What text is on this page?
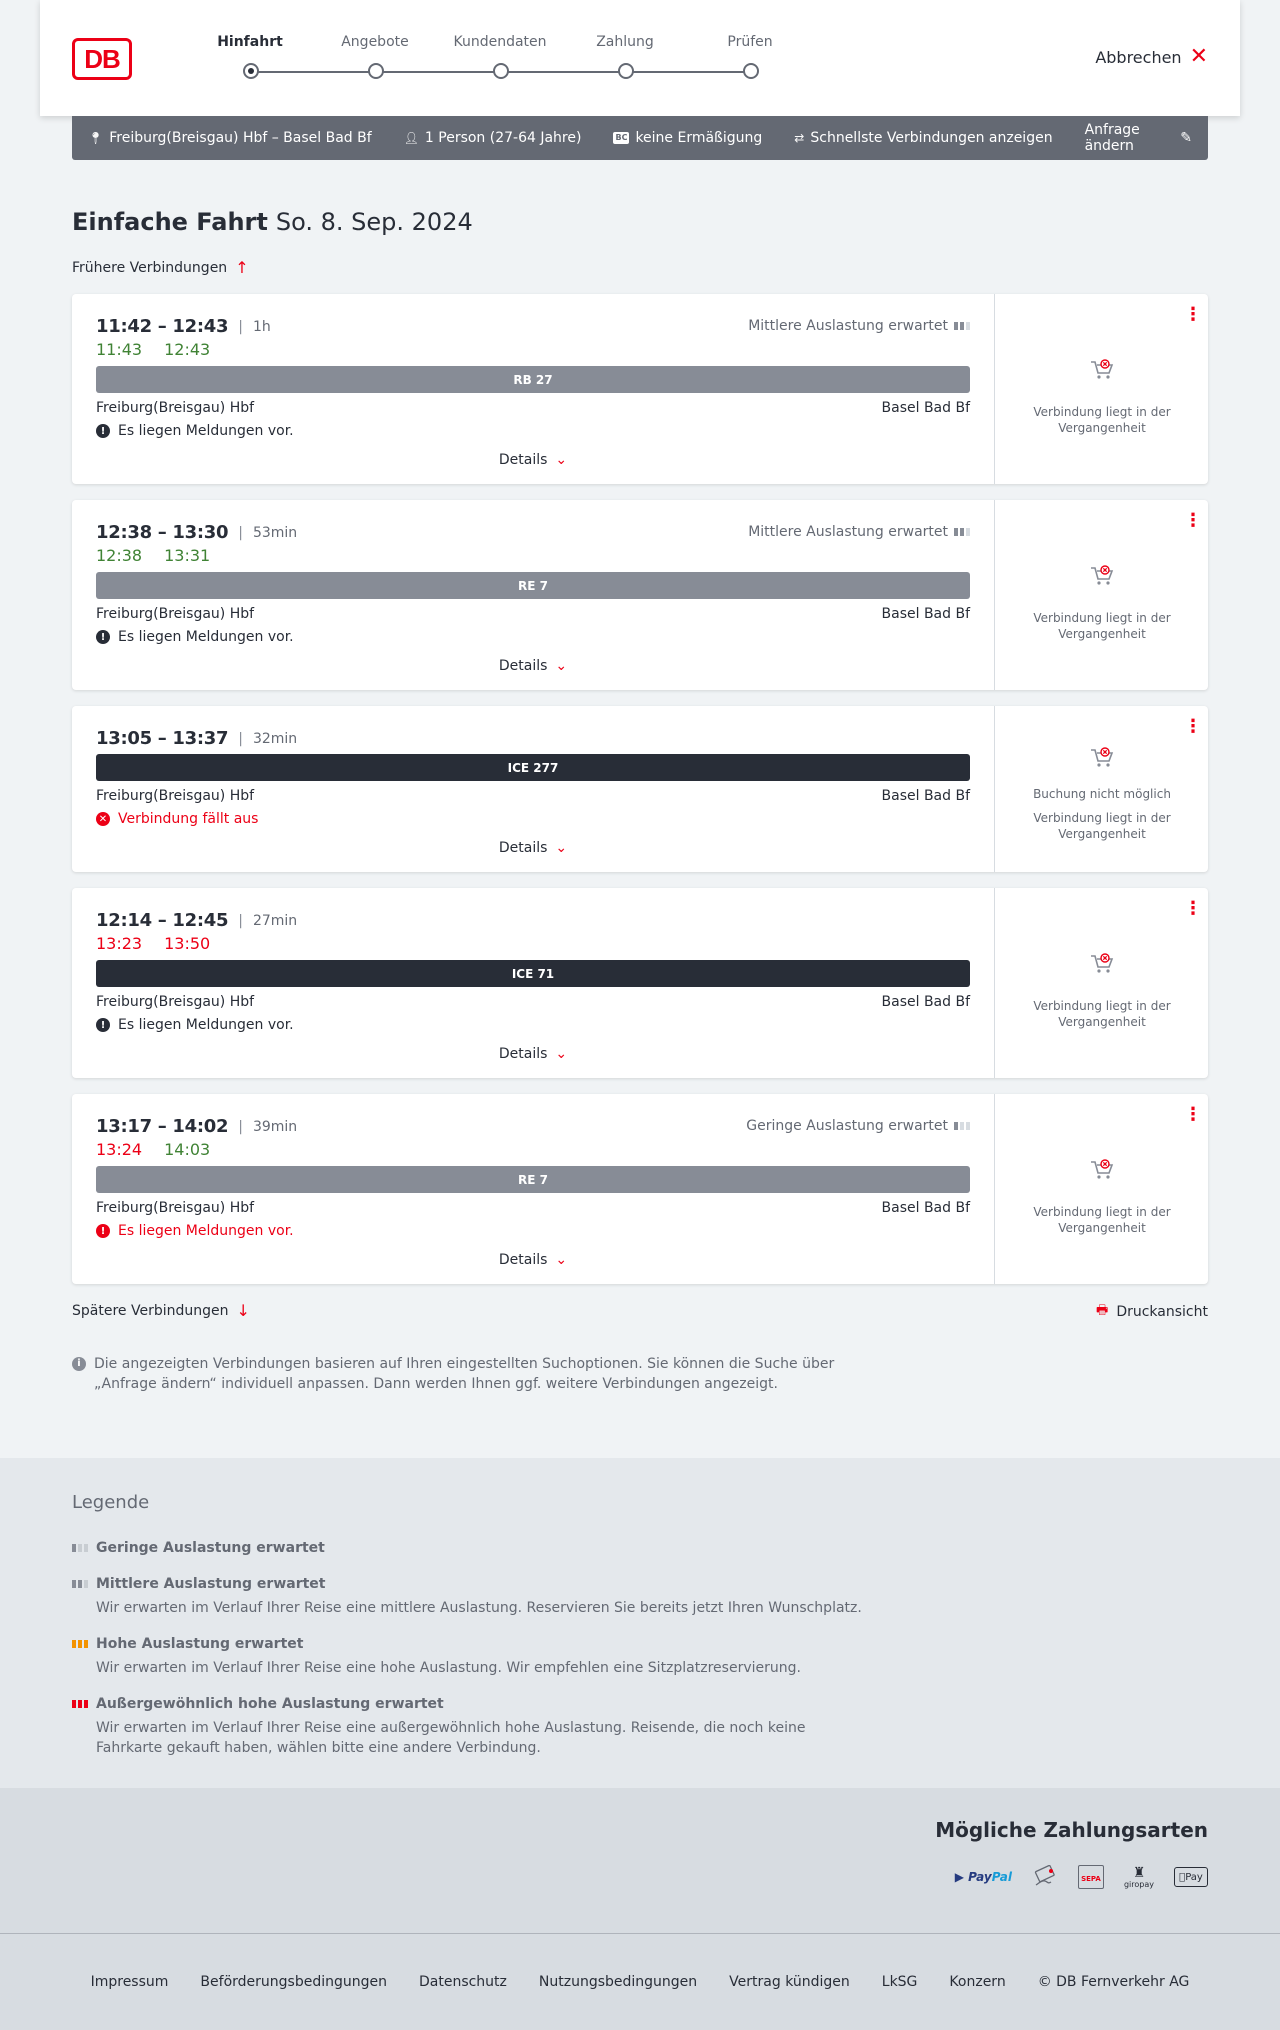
DB
Hinfahrt	Angebote	Kundendaten	Zahlung	Prüfen
Abbrechen ✕
📍︎ Freiburg(Breisgau) Hbf – Basel Bad Bf	👤︎ 1 Person (27-64 Jahre)	BC keine Ermäßigung	⇄ Schnellste Verbindungen anzeigen Anfrage ändern	✎
Einfache Fahrt So. 8. Sep. 2024
Frühere Verbindungen ↑
11:42 – 12:43 | 1h
11:43 12:43
Mittlere Auslastung erwartet
RB 27
Freiburg(Breisgau) Hbf	Basel Bad Bf
! Es liegen Meldungen vor.
Details ⌄
⋮
Verbindung liegt in der Vergangenheit
12:38 – 13:30 | 53min
12:38 13:31
Mittlere Auslastung erwartet
RE 7
Freiburg(Breisgau) Hbf	Basel Bad Bf
! Es liegen Meldungen vor.
Details ⌄
⋮
Verbindung liegt in der Vergangenheit
13:05 – 13:37 | 32min
ICE 277
Freiburg(Breisgau) Hbf	Basel Bad Bf
✕ Verbindung fällt aus
Details ⌄
⋮
Buchung nicht möglich
Verbindung liegt in der Vergangenheit
12:14 – 12:45 | 27min
13:23 13:50
ICE 71
Freiburg(Breisgau) Hbf	Basel Bad Bf
! Es liegen Meldungen vor.
Details ⌄
⋮
Verbindung liegt in der Vergangenheit
13:17 – 14:02 | 39min
13:24 14:03
Geringe Auslastung erwartet
RE 7
Freiburg(Breisgau) Hbf	Basel Bad Bf
! Es liegen Meldungen vor.
Details ⌄
⋮
Verbindung liegt in der Vergangenheit
Spätere Verbindungen ↓	🖶︎ Druckansicht
i Die angezeigten Verbindungen basieren auf Ihren eingestellten Suchoptionen. Sie können die Suche über „Anfrage ändern“ individuell anpassen. Dann werden Ihnen ggf. weitere Verbindungen angezeigt.
Legende
Geringe Auslastung erwartet
Mittlere Auslastung erwartet
Wir erwarten im Verlauf Ihrer Reise eine mittlere Auslastung. Reservieren Sie bereits jetzt Ihren Wunschplatz.
Hohe Auslastung erwartet
Wir erwarten im Verlauf Ihrer Reise eine hohe Auslastung. Wir empfehlen eine Sitzplatzreservierung.
Außergewöhnlich hohe Auslastung erwartet
Wir erwarten im Verlauf Ihrer Reise eine außergewöhnlich hohe Auslastung. Reisende, die noch keine Fahrkarte gekauft haben, wählen bitte eine andere Verbindung.
Mögliche Zahlungsarten
▶ Pay Pal	SEPA ♜
giropay
Pay
Impressum Beförderungsbedingungen Datenschutz Nutzungsbedingungen Vertrag kündigen LkSG Konzern © DB Fernverkehr AG
